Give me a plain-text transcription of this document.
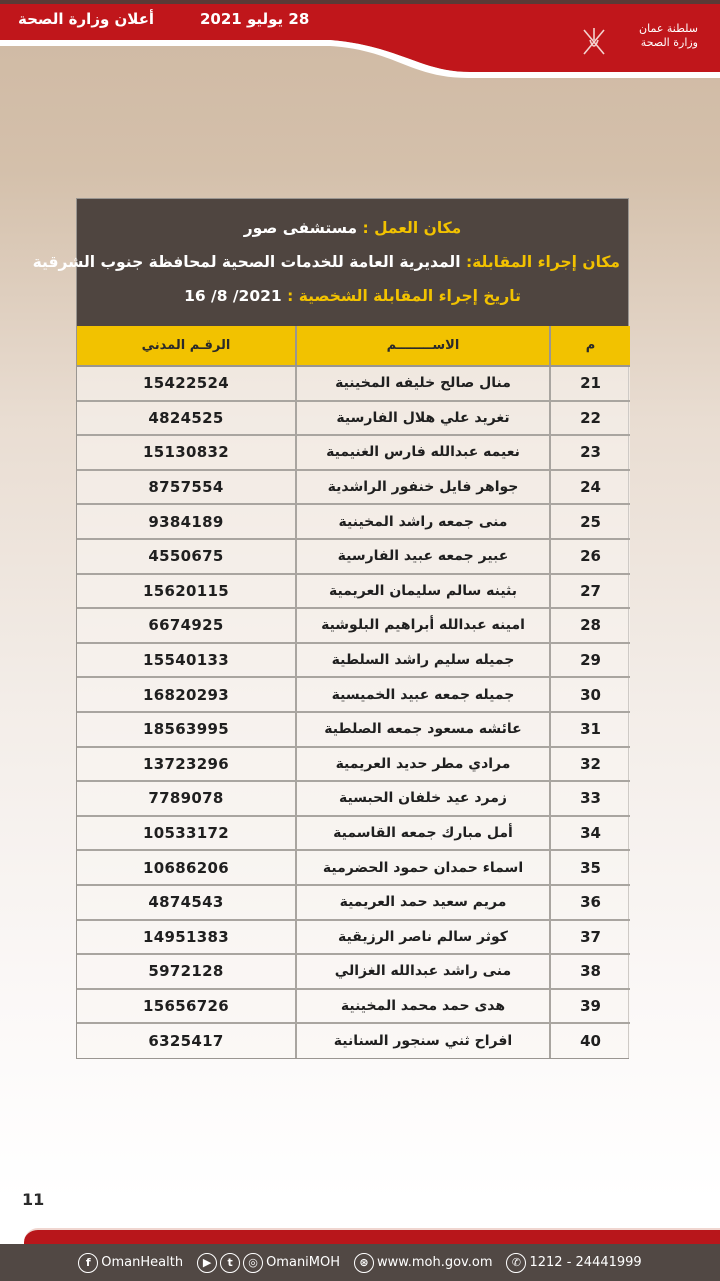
أعلان وزارة الصحة	28 يوليو 2021
سلطنة عمان
وزارة الصحة
مكان العمل : مستشفى صور
مكان إجراء المقابلة: المديرية العامة للخدمات الصحية لمحافظة جنوب الشرقية
تاريخ إجراء المقابلة الشخصية : 16 /8 /2021
م	الاســــــــم	الرقـم المدني
21	منال صالح خليفه المخينية	15422524
22	تغريد علي هلال الفارسية	4824525
23	نعيمه عبدالله فارس الغنيمية	15130832
24	جواهر فايل خنفور الراشدية	8757554
25	منى جمعه راشد المخينية	9384189
26	عبير جمعه عبيد الفارسية	4550675
27	بثينه سالم سليمان العريمية	15620115
28	امينه عبدالله أبراهيم البلوشية	6674925
29	جميله سليم راشد السلطية	15540133
30	جميله جمعه عبيد الخميسية	16820293
31	عائشه مسعود جمعه الصلطية	18563995
32	مرادي مطر حديد العريمية	13723296
33	زمرد عيد خلفان الحبسية	7789078
34	أمل مبارك جمعه القاسمية	10533172
35	اسماء حمدان حمود الحضرمية	10686206
36	مريم سعيد حمد العريمية	4874543
37	كوثر سالم ناصر الرزيقية	14951383
38	منى راشد عبدالله الغزالي	5972128
39	هدى حمد محمد المخينية	15656726
40	افراح ثني سنجور السنانية	6325417
11
f OmanHealth	▶	t	◎ OmaniMOH	⊛ www.moh.gov.om	✆ 1212 - 24441999
